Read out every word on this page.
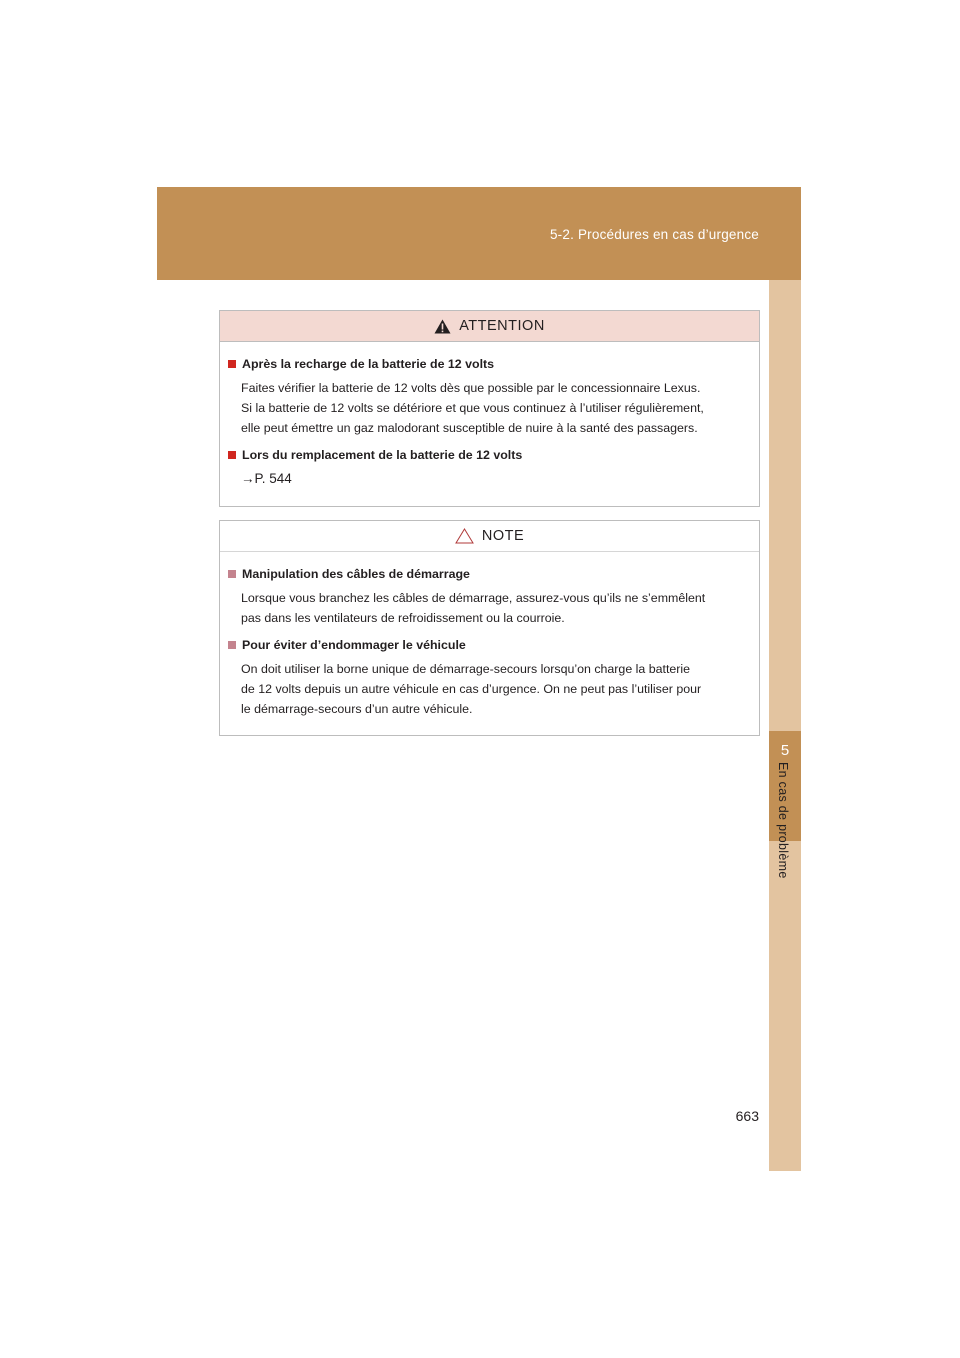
5-2. Procédures en cas d’urgence
5
En cas de problème
ATTENTION
Après la recharge de la batterie de 12 volts
Faites vérifier la batterie de 12 volts dès que possible par le concessionnaire Lexus.
Si la batterie de 12 volts se détériore et que vous continuez à l’utiliser régulièrement,
elle peut émettre un gaz malodorant susceptible de nuire à la santé des passagers.
Lors du remplacement de la batterie de 12 volts
→P. 544
NOTE
Manipulation des câbles de démarrage
Lorsque vous branchez les câbles de démarrage, assurez-vous qu’ils ne s’emmêlent
pas dans les ventilateurs de refroidissement ou la courroie.
Pour éviter d’endommager le véhicule
On doit utiliser la borne unique de démarrage-secours lorsqu’on charge la batterie
de 12 volts depuis un autre véhicule en cas d’urgence. On ne peut pas l’utiliser pour
le démarrage-secours d’un autre véhicule.
663
